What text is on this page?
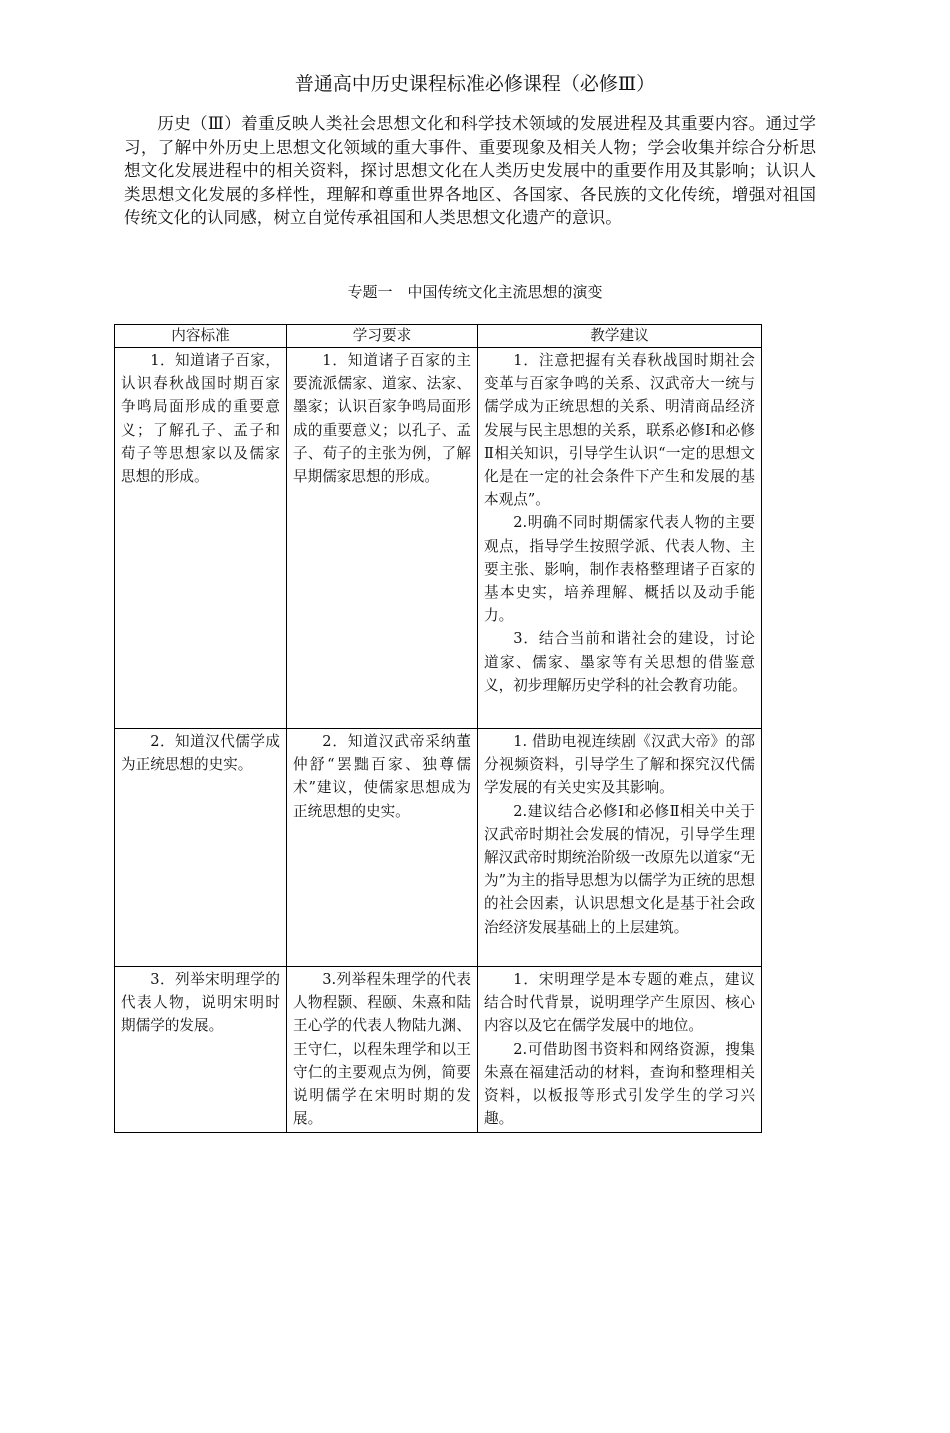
普通高中历史课程标准必修课程（必修Ⅲ）

历史（Ⅲ）着重反映人类社会思想文化和科学技术领域的发展进程及其重要内容。通过学习，了解中外历史上思想文化领域的重大事件、重要现象及相关人物；学会收集并综合分析思想文化发展进程中的相关资料，探讨思想文化在人类历史发展中的重要作用及其影响；认识人类思想文化发展的多样性，理解和尊重世界各地区、各国家、各民族的文化传统，增强对祖国传统文化的认同感，树立自觉传承祖国和人类思想文化遗产的意识。

专题一　中国传统文化主流思想的演变
内容标准	学习要求	教学建议

1．知道诸子百家，认识春秋战国时期百家争鸣局面形成的重要意义；了解孔子、孟子和荀子等思想家以及儒家思想的形成。	1．知道诸子百家的主要流派儒家、道家、法家、墨家；认识百家争鸣局面形成的重要意义；以孔子、孟子、荀子的主张为例，了解早期儒家思想的形成。	1．注意把握有关春秋战国时期社会变革与百家争鸣的关系、汉武帝大一统与儒学成为正统思想的关系、明清商品经济发展与民主思想的关系，联系必修Ⅰ和必修Ⅱ相关知识，引导学生认识“一定的思想文化是在一定的社会条件下产生和发展的基本观点”。

2.明确不同时期儒家代表人物的主要观点，指导学生按照学派、代表人物、主要主张、影响，制作表格整理诸子百家的基本史实，培养理解、概括以及动手能力。

3．结合当前和谐社会的建设，讨论道家、儒家、墨家等有关思想的借鉴意义，初步理解历史学科的社会教育功能。

2．知道汉代儒学成为正统思想的史实。	2．知道汉武帝采纳董仲舒“罢黜百家、独尊儒术”建议，使儒家思想成为正统思想的史实。	1. 借助电视连续剧《汉武大帝》的部分视频资料，引导学生了解和探究汉代儒学发展的有关史实及其影响。

2.建议结合必修Ⅰ和必修Ⅱ相关中关于汉武帝时期社会发展的情况，引导学生理解汉武帝时期统治阶级一改原先以道家“无为”为主的指导思想为以儒学为正统的思想的社会因素，认识思想文化是基于社会政治经济发展基础上的上层建筑。

3．列举宋明理学的代表人物，说明宋明时期儒学的发展。	3.列举程朱理学的代表人物程颢、程颐、朱熹和陆王心学的代表人物陆九渊、王守仁，以程朱理学和以王守仁的主要观点为例，简要说明儒学在宋明时期的发展。	1．宋明理学是本专题的难点，建议结合时代背景，说明理学产生原因、核心内容以及它在儒学发展中的地位。

2.可借助图书资料和网络资源，搜集朱熹在福建活动的材料，查询和整理相关资料，以板报等形式引发学生的学习兴趣。
